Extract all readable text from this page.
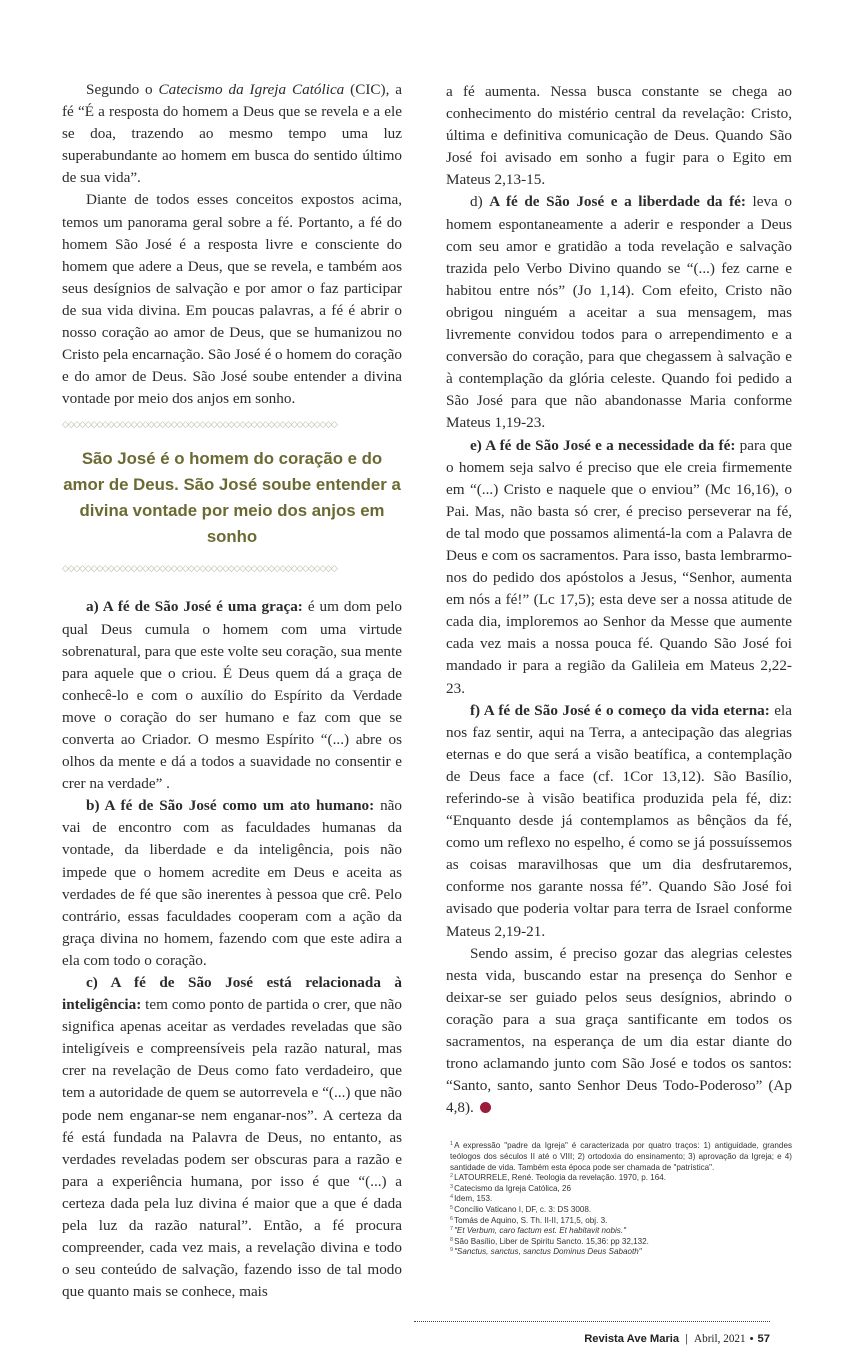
Segundo o Catecismo da Igreja Católica (CIC), a fé “É a resposta do homem a Deus que se revela e a ele se doa, trazendo ao mesmo tempo uma luz superabundante ao homem em busca do sentido último de sua vida”.

Diante de todos esses conceitos expostos acima, temos um panorama geral sobre a fé. Portanto, a fé do homem São José é a resposta livre e consciente do homem que adere a Deus, que se revela, e também aos seus desígnios de salvação e por amor o faz participar de sua vida divina. Em poucas palavras, a fé é abrir o nosso coração ao amor de Deus, que se humanizou no Cristo pela encarnação. São José é o homem do coração e do amor de Deus. São José soube entender a divina vontade por meio dos anjos em sonho.

◇◇◇◇◇◇◇◇◇◇◇◇◇◇◇◇◇◇◇◇◇◇◇◇◇◇◇◇◇◇◇◇◇◇◇◇◇◇◇◇◇◇◇◇◇◇◇◇
São José é o homem do coração e do amor de Deus. São José soube entender a divina vontade por meio dos anjos em sonho
◇◇◇◇◇◇◇◇◇◇◇◇◇◇◇◇◇◇◇◇◇◇◇◇◇◇◇◇◇◇◇◇◇◇◇◇◇◇◇◇◇◇◇◇◇◇◇◇

a) A fé de São José é uma graça: é um dom pelo qual Deus cumula o homem com uma virtude sobrenatural, para que este volte seu coração, sua mente para aquele que o criou. É Deus quem dá a graça de conhecê-lo e com o auxílio do Espírito da Verdade move o coração do ser humano e faz com que se converta ao Criador. O mesmo Espírito “(...) abre os olhos da mente e dá a todos a suavidade no consentir e crer na verdade” .

b) A fé de São José como um ato humano: não vai de encontro com as faculdades humanas da vontade, da liberdade e da inteligência, pois não impede que o homem acredite em Deus e aceita as verdades de fé que são inerentes à pessoa que crê. Pelo contrário, essas faculdades cooperam com a ação da graça divina no homem, fazendo com que este adira a ela com todo o coração.

c) A fé de São José está relacionada à inteligência: tem como ponto de partida o crer, que não significa apenas aceitar as verdades reveladas que são inteligíveis e compreensíveis pela razão natural, mas crer na revelação de Deus como fato verdadeiro, que tem a autoridade de quem se autorrevela e “(...) que não pode nem enganar-se nem enganar-nos”. A certeza da fé está fundada na Palavra de Deus, no entanto, as verdades reveladas podem ser obscuras para a razão e para a experiência humana, por isso é que “(...) a certeza dada pela luz divina é maior que a que é dada pela luz da razão natural”. Então, a fé procura compreender, cada vez mais, a revelação divina e todo o seu conteúdo de salvação, fazendo isso de tal modo que quanto mais se conhece, mais

a fé aumenta. Nessa busca constante se chega ao conhecimento do mistério central da revelação: Cristo, última e definitiva comunicação de Deus. Quando São José foi avisado em sonho a fugir para o Egito em Mateus 2,13-15.

d) A fé de São José e a liberdade da fé: leva o homem espontaneamente a aderir e responder a Deus com seu amor e gratidão a toda revelação e salvação trazida pelo Verbo Divino quando se “(...) fez carne e habitou entre nós” (Jo 1,14). Com efeito, Cristo não obrigou ninguém a aceitar a sua mensagem, mas livremente convidou todos para o arrependimento e a conversão do coração, para que chegassem à salvação e à contemplação da glória celeste. Quando foi pedido a São José para que não abandonasse Maria conforme Mateus 1,19-23.

e) A fé de São José e a necessidade da fé: para que o homem seja salvo é preciso que ele creia firmemente em “(...) Cristo e naquele que o enviou” (Mc 16,16), o Pai. Mas, não basta só crer, é preciso perseverar na fé, de tal modo que possamos alimentá-la com a Palavra de Deus e com os sacramentos. Para isso, basta lembrarmo-nos do pedido dos apóstolos a Jesus, “Senhor, aumenta em nós a fé!” (Lc 17,5); esta deve ser a nossa atitude de cada dia, imploremos ao Senhor da Messe que aumente cada vez mais a nossa pouca fé. Quando São José foi mandado ir para a região da Galileia em Mateus 2,22-23.

f) A fé de São José é o começo da vida eterna: ela nos faz sentir, aqui na Terra, a antecipação das alegrias eternas e do que será a visão beatífica, a contemplação de Deus face a face (cf. 1Cor 13,12). São Basílio, referindo-se à visão beatifica produzida pela fé, diz: “Enquanto desde já contemplamos as bênçãos da fé, como um reflexo no espelho, é como se já possuíssemos as coisas maravilhosas que um dia desfrutaremos, conforme nos garante nossa fé”. Quando São José foi avisado que poderia voltar para terra de Israel conforme Mateus 2,19-21.

Sendo assim, é preciso gozar das alegrias celestes nesta vida, buscando estar na presença do Senhor e deixar-se ser guiado pelos seus desígnios, abrindo o coração para a sua graça santificante em todos os sacramentos, na esperança de um dia estar diante do trono aclamando junto com São José e todos os santos: “Santo, santo, santo Senhor Deus Todo-Poderoso” (Ap 4,8).

$^1$A expressão "padre da Igreja" é caracterizada por quatro traços: 1) antiguidade, grandes teólogos dos séculos II até o VIII; 2) ortodoxia do ensinamento; 3) aprovação da Igreja; e 4) santidade de vida. Também esta época pode ser chamada de "patrística".

$^2$LATOURRELE, René. Teologia da revelação. 1970, p. 164.

$^3$Catecismo da Igreja Católica, 26

$^4$Idem, 153.

$^5$Concílio Vaticano I, DF, c. 3: DS 3008.

$^6$Tomás de Aquino, S. Th. II-II, 171,5, obj. 3.

$^7$"Et Verbum, caro factum est. Et habitavit nobis."

$^8$São Basílio, Liber de Spiritu Sancto. 15,36: pp 32,132.

$^9$"Sanctus, sanctus, sanctus Dominus Deus Sabaoth"

Revista Ave Maria | Abril, 2021 • 57
